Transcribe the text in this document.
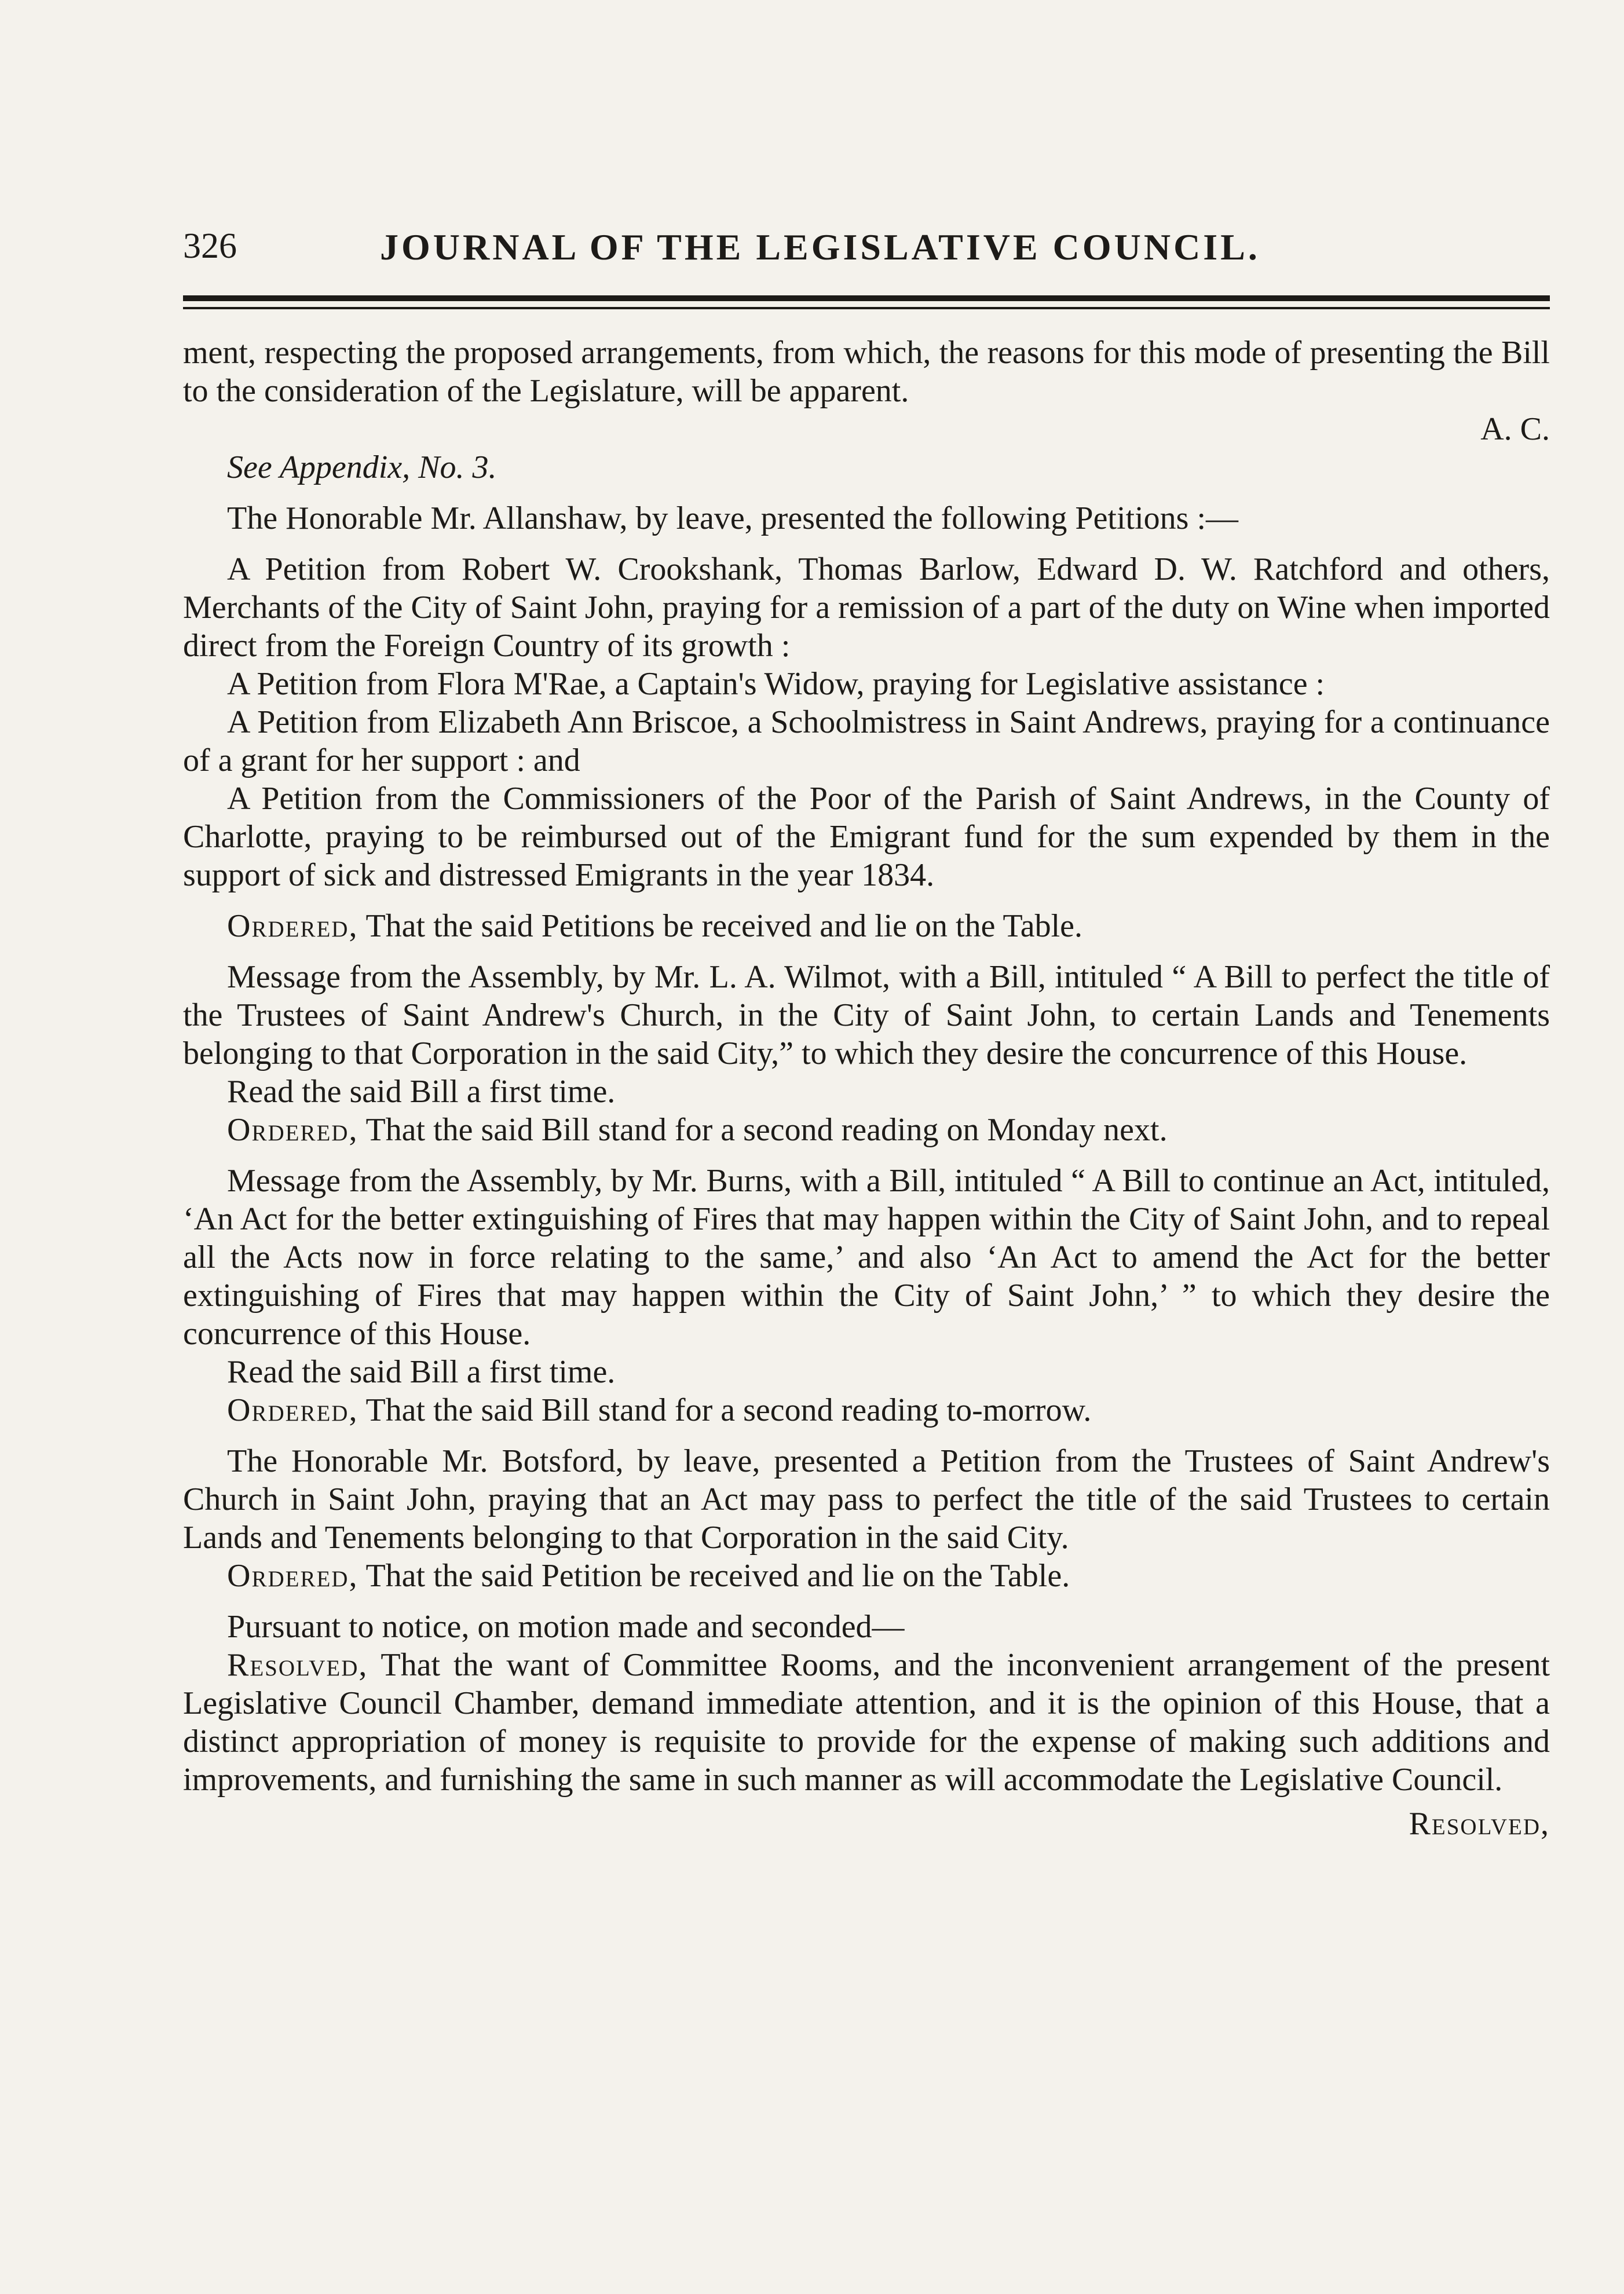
326	JOURNAL OF THE LEGISLATIVE COUNCIL.

ment, respecting the proposed arrangements, from which, the reasons for this mode of presenting the Bill to the consideration of the Legislature, will be apparent.

A. C.

See Appendix, No. 3.

The Honorable Mr. Allanshaw, by leave, presented the following Petitions :—

A Petition from Robert W. Crookshank, Thomas Barlow, Edward D. W. Ratchford and others, Merchants of the City of Saint John, praying for a remission of a part of the duty on Wine when imported direct from the Foreign Country of its growth :

A Petition from Flora M'Rae, a Captain's Widow, praying for Legislative assistance :

A Petition from Elizabeth Ann Briscoe, a Schoolmistress in Saint Andrews, praying for a continuance of a grant for her support : and

A Petition from the Commissioners of the Poor of the Parish of Saint Andrews, in the County of Charlotte, praying to be reimbursed out of the Emigrant fund for the sum expended by them in the support of sick and distressed Emigrants in the year 1834.

Ordered, That the said Petitions be received and lie on the Table.

Message from the Assembly, by Mr. L. A. Wilmot, with a Bill, intituled “ A Bill to perfect the title of the Trustees of Saint Andrew's Church, in the City of Saint John, to certain Lands and Tenements belonging to that Corporation in the said City,” to which they desire the concurrence of this House.

Read the said Bill a first time.

Ordered, That the said Bill stand for a second reading on Monday next.

Message from the Assembly, by Mr. Burns, with a Bill, intituled “ A Bill to continue an Act, intituled, ‘An Act for the better extinguishing of Fires that may happen within the City of Saint John, and to repeal all the Acts now in force relating to the same,’ and also ‘An Act to amend the Act for the better extinguishing of Fires that may happen within the City of Saint John,’ ” to which they desire the concurrence of this House.

Read the said Bill a first time.

Ordered, That the said Bill stand for a second reading to-morrow.

The Honorable Mr. Botsford, by leave, presented a Petition from the Trustees of Saint Andrew's Church in Saint John, praying that an Act may pass to perfect the title of the said Trustees to certain Lands and Tenements belonging to that Corporation in the said City.

Ordered, That the said Petition be received and lie on the Table.

Pursuant to notice, on motion made and seconded—

Resolved, That the want of Committee Rooms, and the inconvenient arrangement of the present Legislative Council Chamber, demand immediate attention, and it is the opinion of this House, that a distinct appropriation of money is requisite to provide for the expense of making such additions and improvements, and furnishing the same in such manner as will accommodate the Legislative Council.

Resolved,
